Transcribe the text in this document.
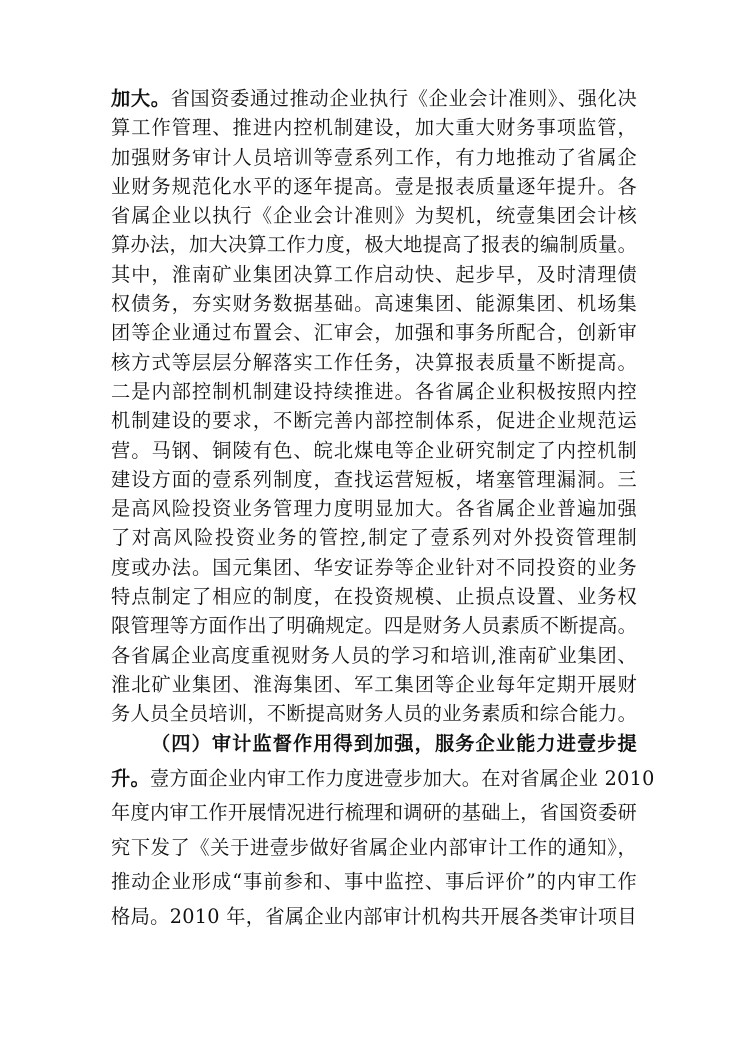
加大。省国资委通过推动企业执行《企业会计准则》、强化决
算工作管理、推进内控机制建设，加大重大财务事项监管，
加强财务审计人员培训等壹系列工作，有力地推动了省属企
业财务规范化水平的逐年提高。壹是报表质量逐年提升。各
省属企业以执行《企业会计准则》为契机，统壹集团会计核
算办法，加大决算工作力度，极大地提高了报表的编制质量。
其中，淮南矿业集团决算工作启动快、起步早，及时清理债
权债务，夯实财务数据基础。高速集团、能源集团、机场集
团等企业通过布置会、汇审会，加强和事务所配合，创新审
核方式等层层分解落实工作任务，决算报表质量不断提高。
二是内部控制机制建设持续推进。各省属企业积极按照内控
机制建设的要求，不断完善内部控制体系，促进企业规范运
营。马钢、铜陵有色、皖北煤电等企业研究制定了内控机制
建设方面的壹系列制度，查找运营短板，堵塞管理漏洞。三
是高风险投资业务管理力度明显加大。各省属企业普遍加强
了对高风险投资业务的管控,制定了壹系列对外投资管理制
度或办法。国元集团、华安证券等企业针对不同投资的业务
特点制定了相应的制度，在投资规模、止损点设置、业务权
限管理等方面作出了明确规定。四是财务人员素质不断提高。
各省属企业高度重视财务人员的学习和培训,淮南矿业集团、
淮北矿业集团、淮海集团、军工集团等企业每年定期开展财
务人员全员培训，不断提高财务人员的业务素质和综合能力。
（四）审计监督作用得到加强，服务企业能力进壹步提
升。壹方面企业内审工作力度进壹步加大。在对省属企业 2010
年度内审工作开展情况进行梳理和调研的基础上，省国资委研
究下发了《关于进壹步做好省属企业内部审计工作的通知》，
推动企业形成“事前参和、事中监控、事后评价”的内审工作
格局。2010 年，省属企业内部审计机构共开展各类审计项目
